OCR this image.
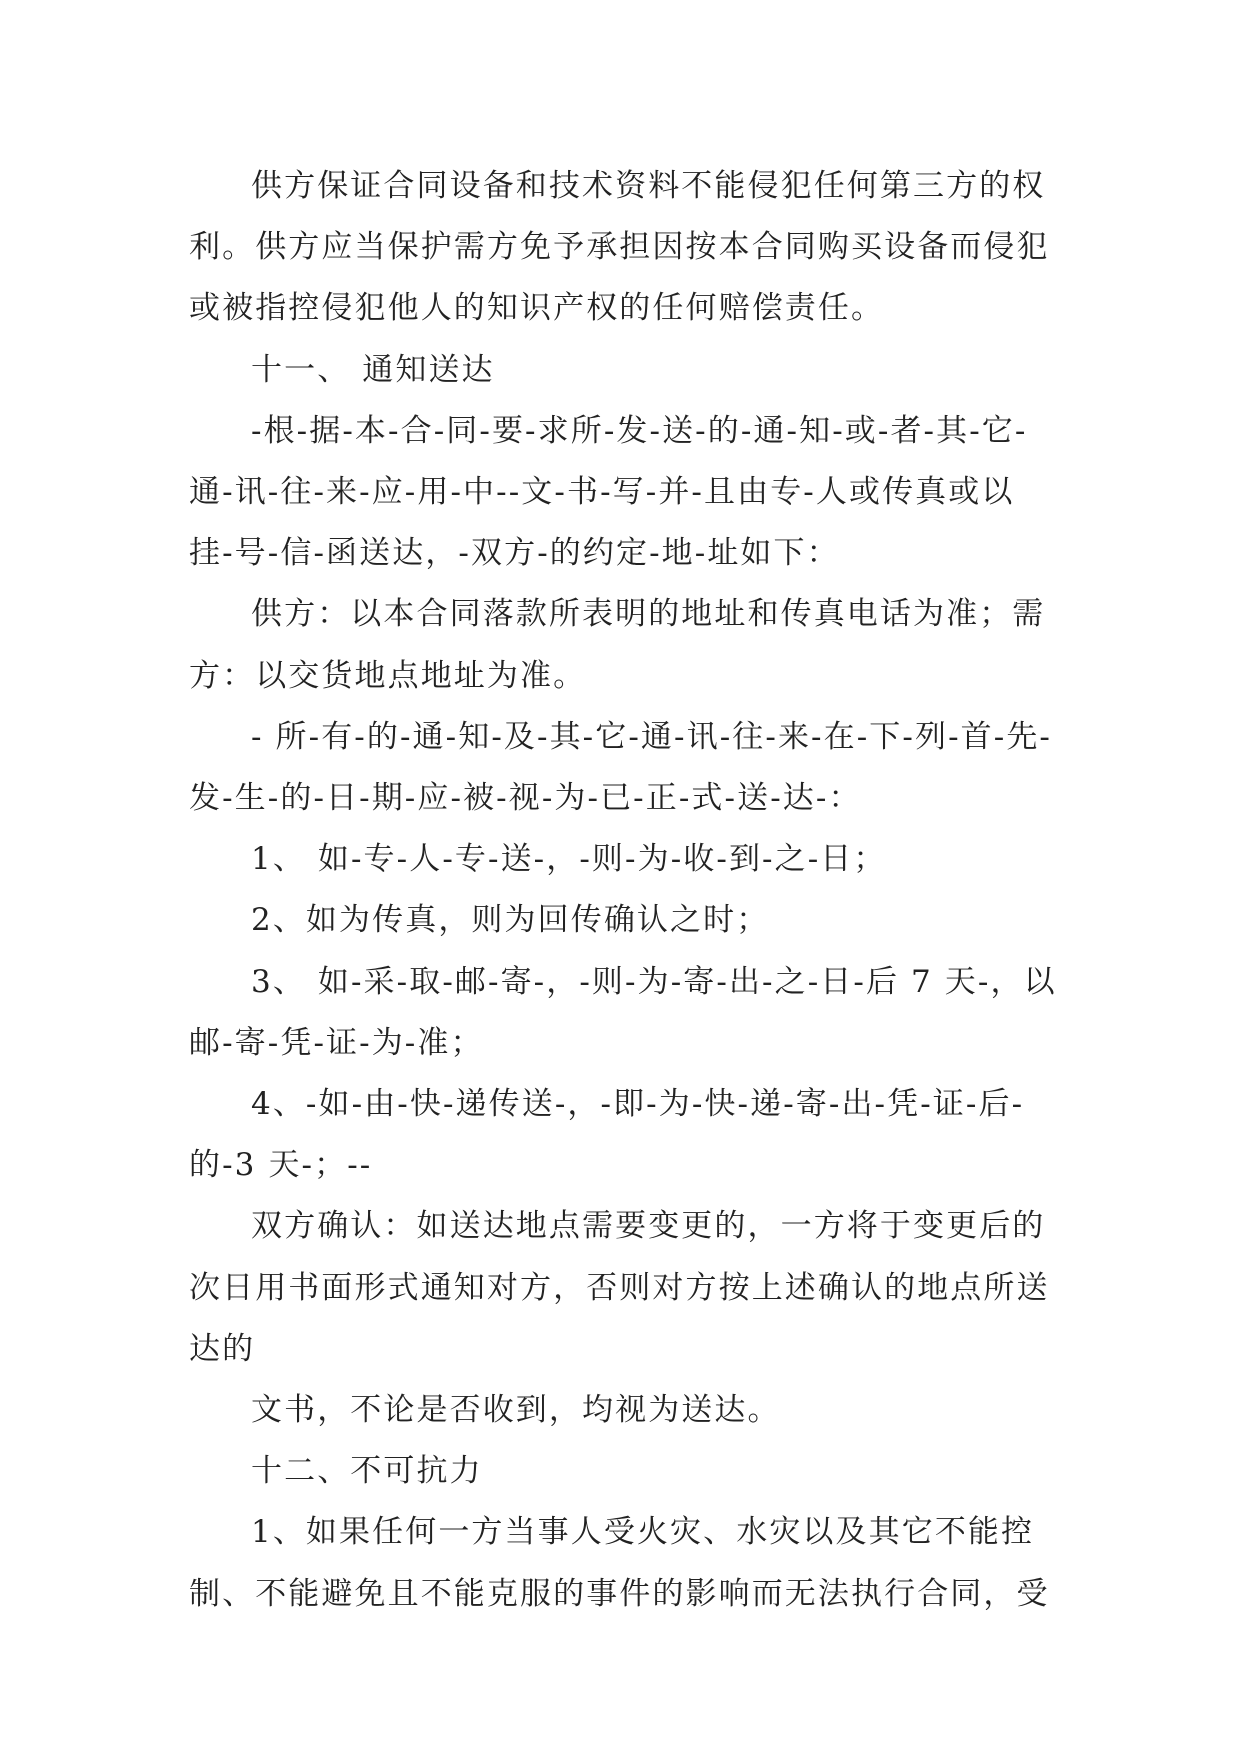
供方保证合同设备和技术资料不能侵犯任何第三方的权利。供方应当保护需方免予承担因按本合同购买设备而侵犯或被指控侵犯他人的知识产权的任何赔偿责任。

十一、 通知送达

-根-据-本-合-同-要-求所-发-送-的-通-知-或-者-其-它-通-讯-往-来-应-用-中--文-书-写-并-且由专-人或传真或以挂-号-信-函送达，-双方-的约定-地-址如下：

供方：以本合同落款所表明的地址和传真电话为准；需方：以交货地点地址为准。

- 所-有-的-通-知-及-其-它-通-讯-往-来-在-下-列-首-先-发-生-的-日-期-应-被-视-为-已-正-式-送-达-：

1、 如-专-人-专-送-，-则-为-收-到-之-日；

2、如为传真，则为回传确认之时；

3、 如-采-取-邮-寄-，-则-为-寄-出-之-日-后 7 天-，以邮-寄-凭-证-为-准；

4、-如-由-快-递传送-，-即-为-快-递-寄-出-凭-证-后-的-3 天-；--

双方确认：如送达地点需要变更的，一方将于变更后的次日用书面形式通知对方，否则对方按上述确认的地点所送达的

文书，不论是否收到，均视为送达。

十二、不可抗力

1、如果任何一方当事人受火灾、水灾以及其它不能控制、不能避免且不能克服的事件的影响而无法执行合同，受
